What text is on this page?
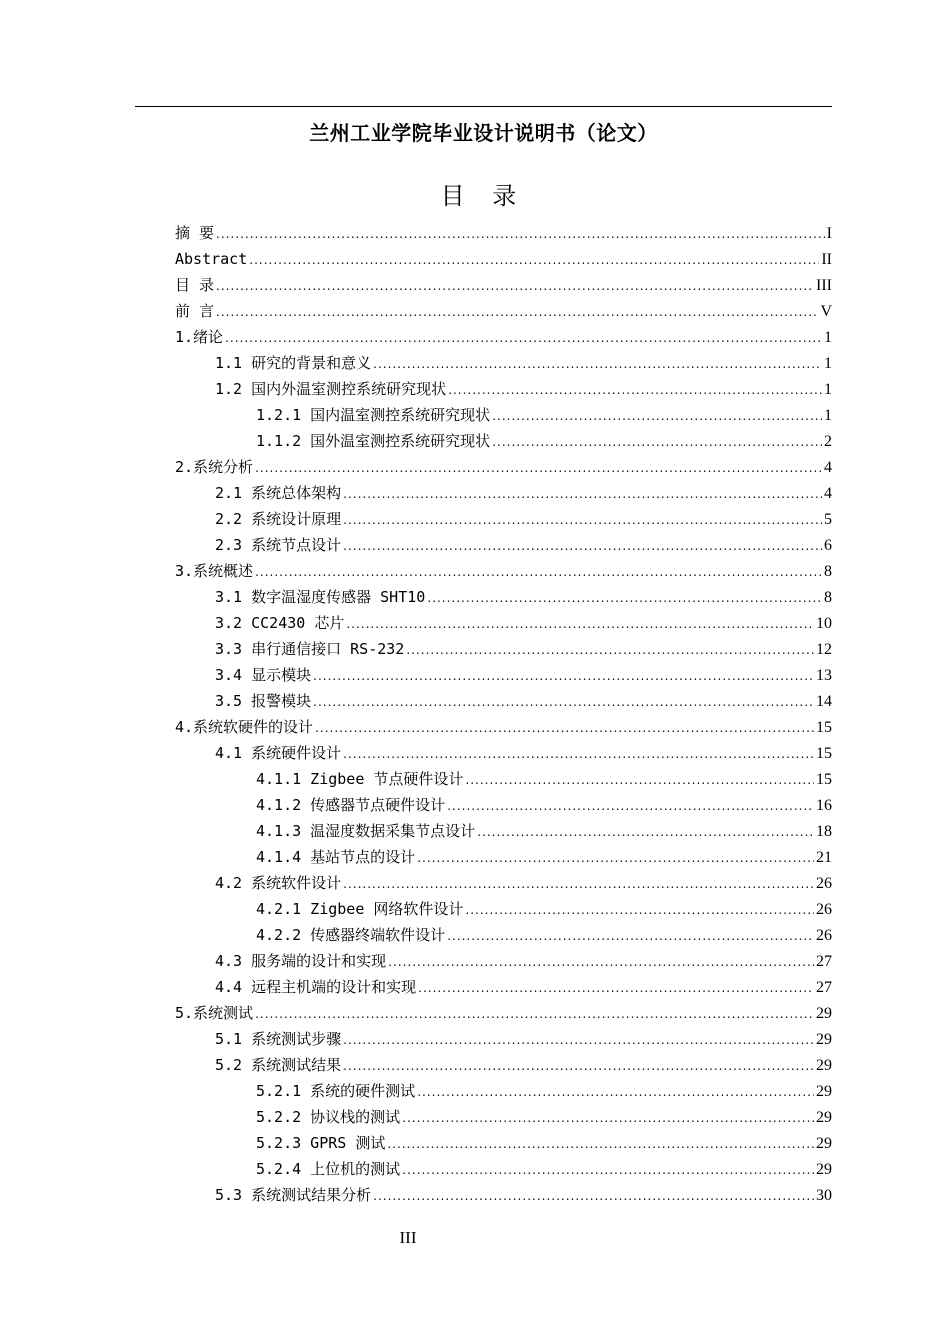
兰州工业学院毕业设计说明书（论文）
目 录
摘 要 .....	I
Abstract .....	II
目 录 .....	III
前 言 .....	V
1.绪论 .....	1
1.1 研究的背景和意义 .....	1
1.2 国内外温室测控系统研究现状 .....	1
1.2.1 国内温室测控系统研究现状 .....	1
1.1.2 国外温室测控系统研究现状 .....	2
2.系统分析 .....	4
2.1 系统总体架构 .....	4
2.2 系统设计原理 .....	5
2.3 系统节点设计 .....	6
3.系统概述 .....	8
3.1 数字温湿度传感器 SHT10 .....	8
3.2 CC2430 芯片 .....	10
3.3 串行通信接口 RS-232 .....	12
3.4 显示模块 .....	13
3.5 报警模块 .....	14
4.系统软硬件的设计 .....	15
4.1 系统硬件设计 .....	15
4.1.1 Zigbee 节点硬件设计 .....	15
4.1.2 传感器节点硬件设计 .....	16
4.1.3 温湿度数据采集节点设计 .....	18
4.1.4 基站节点的设计 .....	21
4.2 系统软件设计 .....	26
4.2.1 Zigbee 网络软件设计 .....	26
4.2.2 传感器终端软件设计 .....	26
4.3 服务端的设计和实现 .....	27
4.4 远程主机端的设计和实现 .....	27
5.系统测试 .....	29
5.1 系统测试步骤 .....	29
5.2 系统测试结果 .....	29
5.2.1 系统的硬件测试 .....	29
5.2.2 协议栈的测试 .....	29
5.2.3 GPRS 测试 .....	29
5.2.4 上位机的测试 .....	29
5.3 系统测试结果分析 .....	30
III
